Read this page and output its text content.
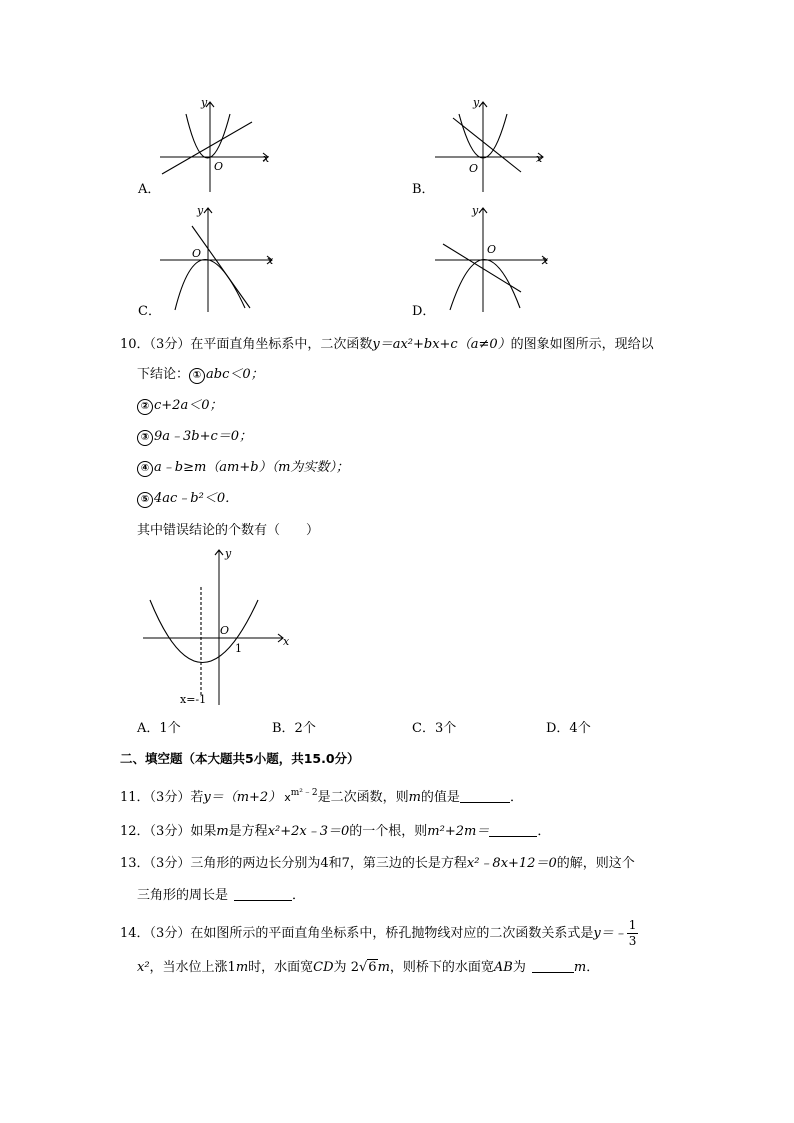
x
y
O
A．
x
y
O
B．
x
y
O
C．
x
y
O
D．
10．（3分）在平面直角坐标系中，二次函数y＝ax²+bx+c（a≠0）的图象如图所示，现给以
下结论： ① abc＜0；
② c+2a＜0；
③ 9a﹣3b+c＝0；
④ a﹣b≥m（am+b）（m为实数）；
⑤ 4ac﹣b²＜0．
其中错误结论的个数有（　　）
x
y
O
1
x=-1
A．1个	B．2个	C．3个	D．4个
二、填空题（本大题共5小题，共15.0分）
11．（3分）若y＝（m+2） $x^{m^2﹣2}$是二次函数，则m的值是	．
12．（3分）如果m是方程x²+2x﹣3＝0的一个根，则m²+2m＝	．
13．（3分）三角形的两边长分别为4和7，第三边的长是方程x²﹣8x+12＝0的解，则这个
三角形的周长是	．
14．（3分）在如图所示的平面直角坐标系中，桥孔抛物线对应的二次函数关系式是y＝﹣ $\frac{1}{3}$
x²，当水位上涨1m时，水面宽CD为 2√6m，则桥下的水面宽AB为	m．
